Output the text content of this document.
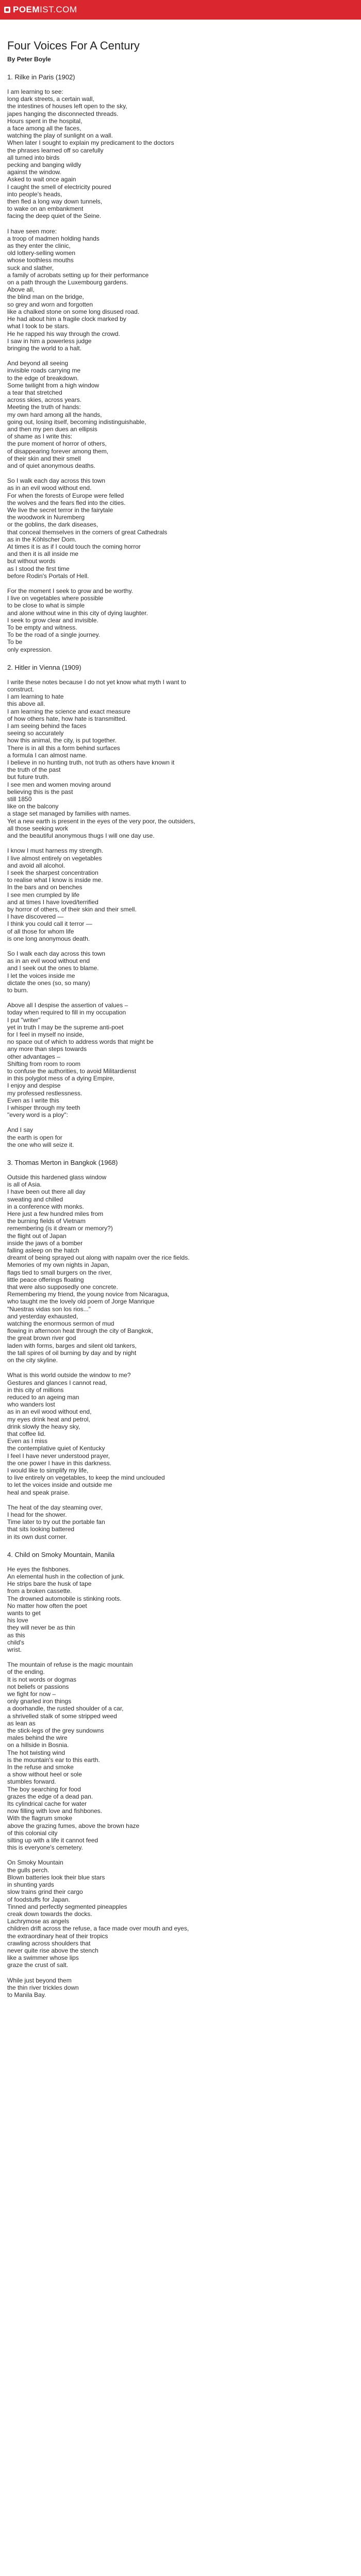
POEM IST.COM
Four Voices For A Century
By Peter Boyle
1. Rilke in Paris (1902)
I am learning to see:
long dark streets, a certain wall,
the intestines of houses left open to the sky,
japes hanging the disconnected threads.
Hours spent in the hospital,
a face among all the faces,
watching the play of sunlight on a wall.
When later I sought to explain my predicament to the doctors
the phrases learned off so carefully
all turned into birds
pecking and banging wildly
against the window.
Asked to wait once again
I caught the smell of electricity poured
into people's heads,
then fled a long way down tunnels,
to wake on an embankment
facing the deep quiet of the Seine.
I have seen more:
a troop of madmen holding hands
as they enter the clinic,
old lottery-selling women
whose toothless mouths
suck and slather,
a family of acrobats setting up for their performance
on a path through the Luxembourg gardens.
Above all,
the blind man on the bridge,
so grey and worn and forgotten
like a chalked stone on some long disused road.
He had about him a fragile clock marked by
what I took to be stars.
He he rapped his way through the crowd.
I saw in him a powerless judge
bringing the world to a halt.
And beyond all seeing
invisible roads carrying me
to the edge of breakdown.
Some twilight from a high window
a tear that stretched
across skies, across years.
Meeting the truth of hands:
my own hard among all the hands,
going out, losing itself, becoming indistinguishable,
and then my pen dues an ellipsis
of shame as I write this:
the pure moment of horror of others,
of disappearing forever among them,
of their skin and their smell
and of quiet anonymous deaths.
So I walk each day across this town
as in an evil wood without end.
For when the forests of Europe were felled
the wolves and the fears fled into the cities.
We live the secret terror in the fairytale
the woodwork in Nuremberg
or the goblins, the dark diseases,
that conceal themselves in the corners of great Cathedrals
as in the Köhlscher Dom.
At times it is as if I could touch the coming horror
and then it is all inside me
but without words
as I stood the first time
before Rodin's Portals of Hell.
For the moment I seek to grow and be worthy.
I live on vegetables where possible
to be close to what is simple
and alone without wine in this city of dying laughter.
I seek to grow clear and invisible.
To be empty and witness.
To be the road of a single journey.
To be
only expression.
2. Hitler in Vienna (1909)
I write these notes because I do not yet know what myth I want to
construct.
I am learning to hate
this above all.
I am learning the science and exact measure
of how others hate, how hate is transmitted.
I am seeing behind the faces
seeing so accurately
how this animal, the city, is put together.
There is in all this a form behind surfaces
a formula I can almost name.
I believe in no hunting truth, not truth as others have known it
the truth of the past
but future truth.
I see men and women moving around
believing this is the past
still 1850
like on the balcony
a stage set managed by families with names.
Yet a new earth is present in the eyes of the very poor, the outsiders,
all those seeking work
and the beautiful anonymous thugs I will one day use.
I know I must harness my strength.
I live almost entirely on vegetables
and avoid all alcohol.
I seek the sharpest concentration
to realise what I know is inside me.
In the bars and on benches
I see men crumpled by life
and at times I have loved/terrified
by horror of others, of their skin and their smell.
I have discovered —
I think you could call it terror —
of all those for whom life
is one long anonymous death.
So I walk each day across this town
as in an evil wood without end
and I seek out the ones to blame.
I let the voices inside me
dictate the ones (so, so many)
to burn.
Above all I despise the assertion of values –
today when required to fill in my occupation
I put "writer"
yet in truth I may be the supreme anti-poet
for I feel in myself no inside,
no space out of which to address words that might be
any more than steps towards
other advantages –
Shifting from room to room
to confuse the authorities, to avoid Militardienst
in this polyglot mess of a dying Empire,
I enjoy and despise
my professed restlessness.
Even as I write this
I whisper through my teeth
"every word is a ploy":
And I say
the earth is open for
the one who will seize it.
3. Thomas Merton in Bangkok (1968)
Outside this hardened glass window
is all of Asia.
I have been out there all day
sweating and chilled
in a conference with monks.
Here just a few hundred miles from
the burning fields of Vietnam
remembering (is it dream or memory?)
the flight out of Japan
inside the jaws of a bomber
falling asleep on the hatch
dreamt of being sprayed out along with napalm over the rice fields.
Memories of my own nights in Japan,
flags tied to small burgers on the river,
little peace offerings floating
that were also supposedly one concrete.
Remembering my friend, the young novice from Nicaragua,
who taught me the lovely old poem of Jorge Manrique
"Nuestras vidas son los rios..."
and yesterday exhausted,
watching the enormous sermon of mud
flowing in afternoon heat through the city of Bangkok,
the great brown river god
laden with forms, barges and silent old tankers,
the tall spires of oil burning by day and by night
on the city skyline.
What is this world outside the window to me?
Gestures and glances I cannot read,
in this city of millions
reduced to an ageing man
who wanders lost
as in an evil wood without end,
my eyes drink heat and petrol,
drink slowly the heavy sky,
that coffee lid.
Even as I miss
the contemplative quiet of Kentucky
I feel I have never understood prayer,
the one power I have in this darkness.
I would like to simplify my life,
to live entirely on vegetables, to keep the mind unclouded
to let the voices inside and outside me
heal and speak praise.
The heat of the day steaming over,
I head for the shower.
Time later to try out the portable fan
that sits looking battered
in its own dust corner.
4. Child on Smoky Mountain, Manila
He eyes the fishbones.
An elemental hush in the collection of junk.
He strips bare the husk of tape
from a broken cassette.
The drowned automobile is stinking roots.
No matter how often the poet
wants to get
his love
they will never be as thin
as this
child's
wrist.
The mountain of refuse is the magic mountain
of the ending.
It is not words or dogmas
not beliefs or passions
we fight for now –
only gnarled iron things
a doorhandle, the rusted shoulder of a car,
a shrivelled stalk of some stripped weed
as lean as
the stick-legs of the grey sundowns
males behind the wire
on a hillside in Bosnia.
The hot twisting wind
is the mountain's ear to this earth.
In the refuse and smoke
a show without heel or sole
stumbles forward.
The boy searching for food
grazes the edge of a dead pan.
Its cylindrical cache for water
now filling with love and fishbones.
With the flagrum smoke
above the grazing fumes, above the brown haze
of this colonial city
silting up with a life it cannot feed
this is everyone's cemetery.
On Smoky Mountain
the gulls perch.
Blown batteries look their blue stars
in shunting yards
slow trains grind their cargo
of foodstuffs for Japan.
Tinned and perfectly segmented pineapples
creak down towards the docks.
Lachrymose as angels
children drift across the refuse, a face made over mouth and eyes,
the extraordinary heat of their tropics
crawling across shoulders that
never quite rise above the stench
like a swimmer whose lips
graze the crust of salt.
While just beyond them
the thin river trickles down
to Manila Bay.
